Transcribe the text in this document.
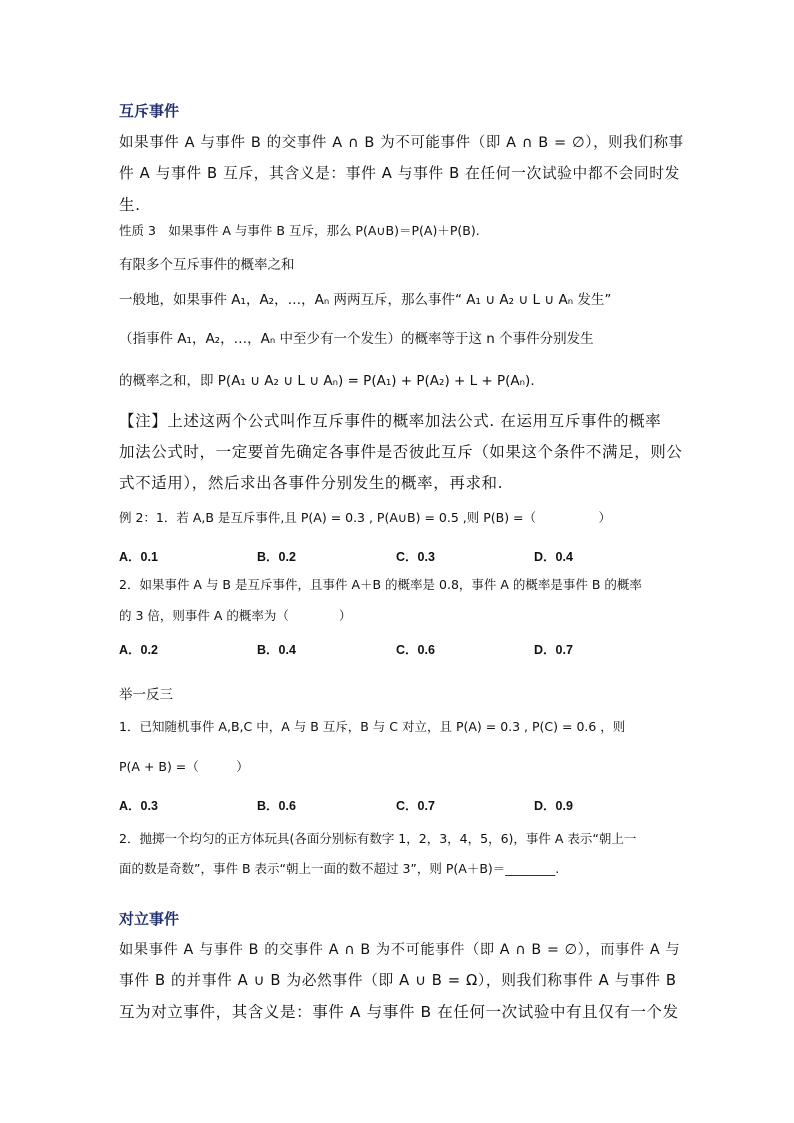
互斥事件
如果事件 A 与事件 B 的交事件 A ∩ B 为不可能事件（即 A ∩ B = ∅），则我们称事
件 A 与事件 B 互斥，其含义是：事件 A 与事件 B 在任何一次试验中都不会同时发
生.
性质 3　如果事件 A 与事件 B 互斥，那么 P(A∪B)＝P(A)＋P(B).
有限多个互斥事件的概率之和
一般地，如果事件 A₁，A₂，…，Aₙ 两两互斥，那么事件“ A₁ ∪ A₂ ∪ L ∪ Aₙ 发生”
（指事件 A₁，A₂，…，Aₙ 中至少有一个发生）的概率等于这 n 个事件分别发生
的概率之和，即 P(A₁ ∪ A₂ ∪ L ∪ Aₙ) = P(A₁) + P(A₂) + L + P(Aₙ).
【注】上述这两个公式叫作互斥事件的概率加法公式. 在运用互斥事件的概率
加法公式时，一定要首先确定各事件是否彼此互斥（如果这个条件不满足，则公
式不适用），然后求出各事件分别发生的概率，再求和.
例 2：1．若 A,B 是互斥事件,且 P(A) = 0.3 , P(A∪B) = 0.5 ,则 P(B) =（　　　　　）
A．0.1	B．0.2	C．0.3	D．0.4
2．如果事件 A 与 B 是互斥事件，且事件 A＋B 的概率是 0.8，事件 A 的概率是事件 B 的概率
的 3 倍，则事件 A 的概率为（　　　　）
A．0.2	B．0.4	C．0.6	D．0.7
举一反三
1．已知随机事件 A,B,C 中，A 与 B 互斥，B 与 C 对立，且 P(A) = 0.3 , P(C) = 0.6 ，则
P(A + B) =（　　　）
A．0.3	B．0.6	C．0.7	D．0.9
2．抛掷一个均匀的正方体玩具(各面分别标有数字 1，2，3，4，5，6)，事件 A 表示“朝上一
面的数是奇数”，事件 B 表示“朝上一面的数不超过 3”，则 P(A＋B)＝________.
对立事件
如果事件 A 与事件 B 的交事件 A ∩ B 为不可能事件（即 A ∩ B = ∅），而事件 A 与
事件 B 的并事件 A ∪ B 为必然事件（即 A ∪ B = Ω），则我们称事件 A 与事件 B
互为对立事件，其含义是：事件 A 与事件 B 在任何一次试验中有且仅有一个发
